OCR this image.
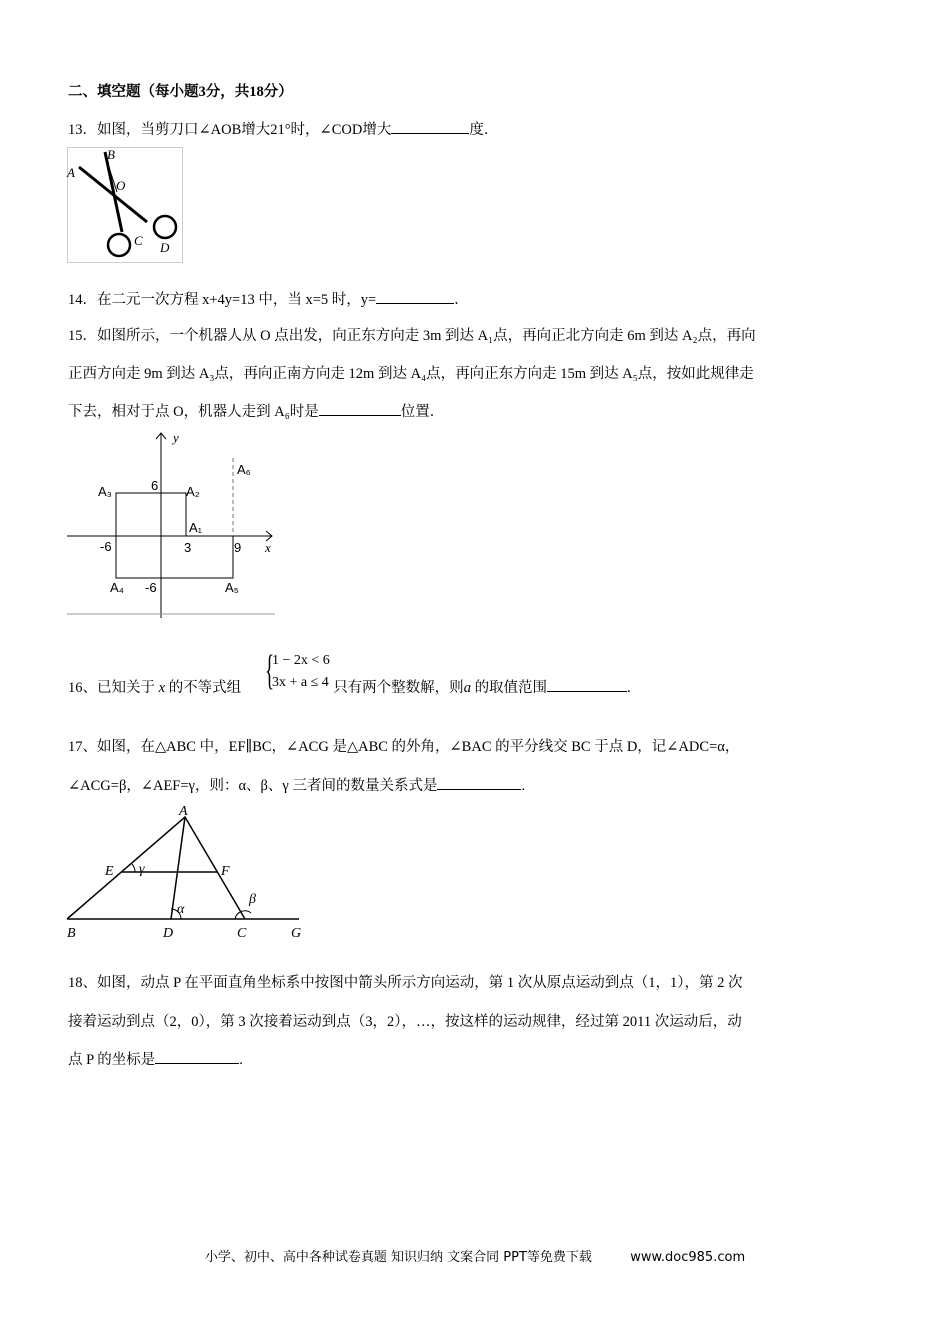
二、填空题（每小题3分，共18分）
13．如图，当剪刀口∠AOB增大21°时，∠COD增大	度．
B
A
O
C D
14．在二元一次方程 x+4y=13 中，当 x=5 时，y=	．
15．如图所示，一个机器人从 O 点出发，向正东方向走 3m 到达 A₁点，再向正北方向走 6m 到达 A₂点，再向
正西方向走 9m 到达 A₃点，再向正南方向走 12m 到达 A₄点，再向正东方向走 15m 到达 A₅点，按如此规律走
下去，相对于点 O，机器人走到 A₆时是	位置．
y
x
A₃	6 A₂
A₁
A₆
-6	3	9
A₄ -6	A₅
{
1 − 2x < 6
3x + a ≤ 4
16、已知关于 x 的不等式组	只有两个整数解，则a 的取值范围	.
17、如图，在△ABC 中，EF∥BC，∠ACG 是△ABC 的外角，∠BAC 的平分线交 BC 于点 D，记∠ADC=α，
∠ACG=β，∠AEF=γ，则：α、β、γ 三者间的数量关系式是	.
A
E γ	F
α
β
B	D	C	G
18、如图，动点 P 在平面直角坐标系中按图中箭头所示方向运动，第 1 次从原点运动到点（1，1），第 2 次
接着运动到点（2，0），第 3 次接着运动到点（3，2），…，按这样的运动规律，经过第 2011 次运动后，动
点 P 的坐标是	.
小学、初中、高中各种试卷真题 知识归纳 文案合同 PPT等免费下载	www.doc985.com
